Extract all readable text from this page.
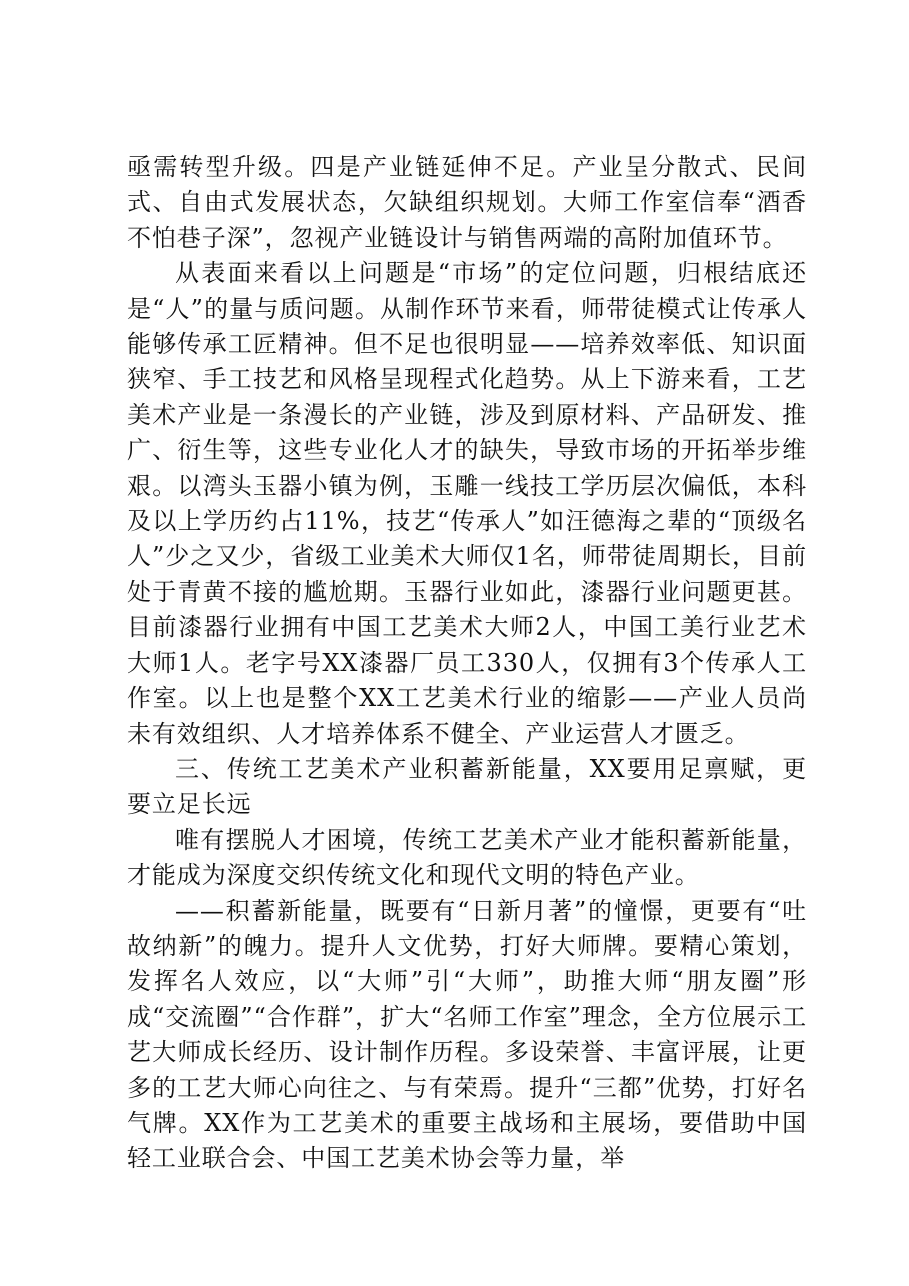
亟需转型升级。四是产业链延伸不足。产业呈分散式、民间式、自由式发展状态，欠缺组织规划。大师工作室信奉“酒香不怕巷子深”，忽视产业链设计与销售两端的高附加值环节。

从表面来看以上问题是“市场”的定位问题，归根结底还是“人”的量与质问题。从制作环节来看，师带徒模式让传承人能够传承工匠精神。但不足也很明显——培养效率低、知识面狭窄、手工技艺和风格呈现程式化趋势。从上下游来看，工艺美术产业是一条漫长的产业链，涉及到原材料、产品研发、推广、衍生等，这些专业化人才的缺失，导致市场的开拓举步维艰。以湾头玉器小镇为例，玉雕一线技工学历层次偏低，本科及以上学历约占11%，技艺“传承人”如汪德海之辈的“顶级名人”少之又少，省级工业美术大师仅1名，师带徒周期长，目前处于青黄不接的尴尬期。玉器行业如此，漆器行业问题更甚。目前漆器行业拥有中国工艺美术大师2人，中国工美行业艺术大师1人。老字号XX漆器厂员工330人，仅拥有3个传承人工作室。以上也是整个XX工艺美术行业的缩影——产业人员尚未有效组织、人才培养体系不健全、产业运营人才匮乏。

三、传统工艺美术产业积蓄新能量，XX要用足禀赋，更要立足长远

唯有摆脱人才困境，传统工艺美术产业才能积蓄新能量，才能成为深度交织传统文化和现代文明的特色产业。

——积蓄新能量，既要有“日新月著”的憧憬，更要有“吐故纳新”的魄力。提升人文优势，打好大师牌。要精心策划，发挥名人效应，以“大师”引“大师”，助推大师“朋友圈”形成“交流圈”“合作群”，扩大“名师工作室”理念，全方位展示工艺大师成长经历、设计制作历程。多设荣誉、丰富评展，让更多的工艺大师心向往之、与有荣焉。提升“三都”优势，打好名气牌。XX作为工艺美术的重要主战场和主展场，要借助中国轻工业联合会、中国工艺美术协会等力量，举
